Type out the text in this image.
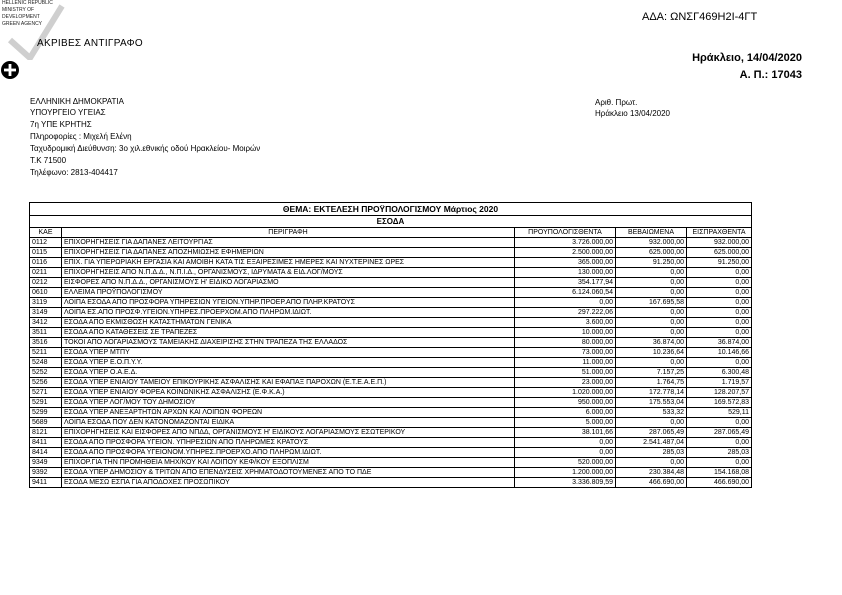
ΑΔΑ: ΩΝΣΓ469Η2Ι-4ΓΤ
ΑΚΡΙΒΕΣ ΑΝΤΙΓΡΑΦΟ
HELLENIC REPUBLIC
MINISTRY OF
DEVELOPMENT
GREEN AGENCY
Ηράκλειο, 14/04/2020
Α. Π.: 17043
ΕΛΛΗΝΙΚΗ ΔΗΜΟΚΡΑΤΙΑ
ΥΠΟΥΡΓΕΙΟ ΥΓΕΙΑΣ
7η ΥΠΕ ΚΡΗΤΗΣ
Πληροφορίες : Μιχελή Ελένη
Ταχυδρομική Διεύθυνση: 3ο χιλ.εθνικής οδού Ηρακλείου- Μοιρών
Τ.Κ 71500
Τηλέφωνο: 2813-404417
Αριθ. Πρωτ.
Ηράκλειο 13/04/2020
ΘΕΜΑ: ΕΚΤΕΛΕΣΗ ΠΡΟΫΠΟΛΟΓΙΣΜΟΥ Μάρτιος 2020				
ΕΣΟΔΑ				
ΚΑΕ	ΠΕΡΙΓΡΑΦΗ	ΠΡΟΥΠΟΛΟΓΙΣΘΕΝΤΑ	ΒΕΒΑΙΩΜΕΝΑ	ΕΙΣΠΡΑΧΘΕΝΤΑ
0112	ΕΠΙΧΟΡΗΓΗΣΕΙΣ ΓΙΑ ΔΑΠΑΝΕΣ ΛΕΙΤΟΥΡΓΙΑΣ	3.726.000,00	932.000,00	932.000,00
0115	ΕΠΙΧΟΡΗΓΗΣΕΙΣ ΓΙΑ ΔΑΠΑΝΕΣ ΑΠΟΖΗΜΙΩΣΗΣ ΕΦΗΜΕΡΙΩΝ	2.500.000,00	625.000,00	625.000,00
0116	ΕΠΙΧ. ΓΙΑ ΥΠΕΡΩΡΙΑΚΗ ΕΡΓΑΣΙΑ ΚΑΙ ΑΜΟΙΒΗ ΚΑΤΑ ΤΙΣ ΕΞΑΙΡΕΣΙΜΕΣ ΗΜΕΡΕΣ ΚΑΙ ΝΥΧΤΕΡΙΝΕΣ ΩΡΕΣ	365.000,00	91.250,00	91.250,00
0211	ΕΠΙΧΟΡΗΓΗΣΕΙΣ ΑΠΟ Ν.Π.Δ.Δ., Ν.Π.Ι.Δ., ΟΡΓΑΝΙΣΜΟΥΣ, ΙΔΡΥΜΑΤΑ & ΕΙΔ.ΛΟΓ/ΜΟΥΣ	130.000,00	0,00	0,00
0212	ΕΙΣΦΟΡΕΣ ΑΠΟ Ν.Π.Δ.Δ., ΟΡΓΑΝΙΣΜΟΥΣ Η' ΕΙΔΙΚΟ ΛΟΓΑΡΙΑΣΜΟ	354.177,94	0,00	0,00
0610	ΕΛΛΕΙΜΑ ΠΡΟΫΠΟΛΟΓΙΣΜΟΥ	6.124.060,54	0,00	0,00
3119	ΛΟΙΠΑ ΕΣΟΔΑ ΑΠΟ ΠΡΟΣΦΟΡΑ ΥΠΗΡΕΣΙΩΝ ΥΓΕΙΟΝ.ΥΠΗΡ.ΠΡΟΕΡ.ΑΠΟ ΠΛΗΡ.ΚΡΑΤΟΥΣ	0,00	167.695,58	0,00
3149	ΛΟΙΠΑ ΕΣ.ΑΠΟ ΠΡΟΣΦ.ΥΓΕΙΟΝ.ΥΠΗΡΕΣ.ΠΡΟΕΡΧΟΜ.ΑΠΟ ΠΛΗΡΩΜ.ΙΔΙΩΤ.	297.222,06	0,00	0,00
3412	ΕΣΟΔΑ ΑΠΟ ΕΚΜΙΣΘΩΣΗ ΚΑΤΑΣΤΗΜΑΤΩΝ ΓΕΝΙΚΑ	3.600,00	0,00	0,00
3511	ΕΣΟΔΑ ΑΠΟ ΚΑΤΑΘΕΣΕΙΣ ΣΕ ΤΡΑΠΕΖΕΣ	10.000,00	0,00	0,00
3516	ΤΟΚΟΙ ΑΠΟ ΛΟΓΑΡΙΑΣΜΟΥΣ ΤΑΜΕΙΑΚΗΣ ΔΙΑΧΕΙΡΙΣΗΣ ΣΤΗΝ ΤΡΑΠΕΖΑ ΤΗΣ ΕΛΛΑΔΟΣ	80.000,00	36.874,00	36.874,00
5211	ΕΣΟΔΑ ΥΠΕΡ ΜΤΠΥ	73.000,00	10.236,64	10.146,66
5248	ΕΣΟΔΑ ΥΠΕΡ Ε.Ο.Π.Υ.Υ.	11.000,00	0,00	0,00
5252	ΕΣΟΔΑ ΥΠΕΡ Ο.Α.Ε.Δ.	51.000,00	7.157,25	6.300,48
5256	ΕΣΟΔΑ ΥΠΕΡ ΕΝΙΑΙΟΥ ΤΑΜΕΙΟΥ ΕΠΙΚΟΥΡΙΚΗΣ ΑΣΦΑΛΙΣΗΣ ΚΑΙ ΕΦΑΠΑΞ ΠΑΡΟΧΩΝ (Ε.Τ.Ε.Α.Ε.Π.)	23.000,00	1.764,75	1.719,57
5271	ΕΣΟΔΑ ΥΠΕΡ ΕΝΙΑΙΟΥ ΦΟΡΕΑ ΚΟΙΝΩΝΙΚΗΣ ΑΣΦΑΛΙΣΗΣ (Ε.Φ.Κ.Α.)	1.020.000,00	172.778,14	128.207,57
5291	ΕΣΟΔΑ ΥΠΕΡ ΛΟΓ/ΜΟΥ ΤΟΥ ΔΗΜΟΣΙΟΥ	950.000,00	175.553,04	169.572,83
5299	ΕΣΟΔΑ ΥΠΕΡ ΑΝΕΞΑΡΤΗΤΩΝ ΑΡΧΩΝ ΚΑΙ ΛΟΙΠΩΝ ΦΟΡΕΩΝ	6.000,00	533,32	529,11
5689	ΛΟΙΠΑ ΕΣΟΔΑ ΠΟΥ ΔΕΝ ΚΑΤΟΝΟΜΑΖΟΝΤΑΙ ΕΙΔΙΚΑ	5.000,00	0,00	0,00
8121	ΕΠΙΧΟΡΗΓΗΣΕΙΣ ΚΑΙ ΕΙΣΦΟΡΕΣ ΑΠΟ ΝΠΔΔ, ΟΡΓΑΝΙΣΜΟΥΣ Η' ΕΙΔΙΚΟΥΣ ΛΟΓΑΡΙΑΣΜΟΥΣ ΕΣΩΤΕΡΙΚΟΥ	38.101,66	287.065,49	287.065,49
8411	ΕΣΟΔΑ ΑΠΟ ΠΡΟΣΦΟΡΑ ΥΓΕΙΟΝ. ΥΠΗΡΕΣΙΩΝ ΑΠΟ ΠΛΗΡΩΜΕΣ ΚΡΑΤΟΥΣ	0,00	2.541.487,04	0,00
8414	ΕΣΟΔΑ ΑΠΟ ΠΡΟΣΦΟΡΑ ΥΓΕΙΟΝΟΜ.ΥΠΗΡΕΣ.ΠΡΟΕΡΧΟ.ΑΠΟ ΠΛΗΡΩΜ.ΙΔΙΩΤ.	0,00	285,03	285,03
9349	ΕΠΙΧΟΡ.ΓΙΑ ΤΗΝ ΠΡΟΜΗΘΕΙΑ ΜΗΧ/ΚΟΥ ΚΑΙ ΛΟΙΠΟΥ ΚΕΦ/ΚΟΥ ΕΞΟΠΛΙΣΜ	520.000,00	0,00	0,00
9392	ΕΣΟΔΑ ΥΠΕΡ ΔΗΜΟΣΙΟΥ & ΤΡΙΤΩΝ ΑΠΟ ΕΠΕΝΔΥΣΕΙΣ ΧΡΗΜΑΤΟΔΟΤΟΥΜΕΝΕΣ ΑΠΟ ΤΟ ΠΔΕ	1.200.000,00	230.384,48	154.168,08
9411	ΕΣΟΔΑ ΜΕΣΩ ΕΣΠΑ ΓΙΑ ΑΠΟΔΟΧΕΣ ΠΡΟΣΩΠΙΚΟΥ	3.336.809,59	466.690,00	466.690,00
